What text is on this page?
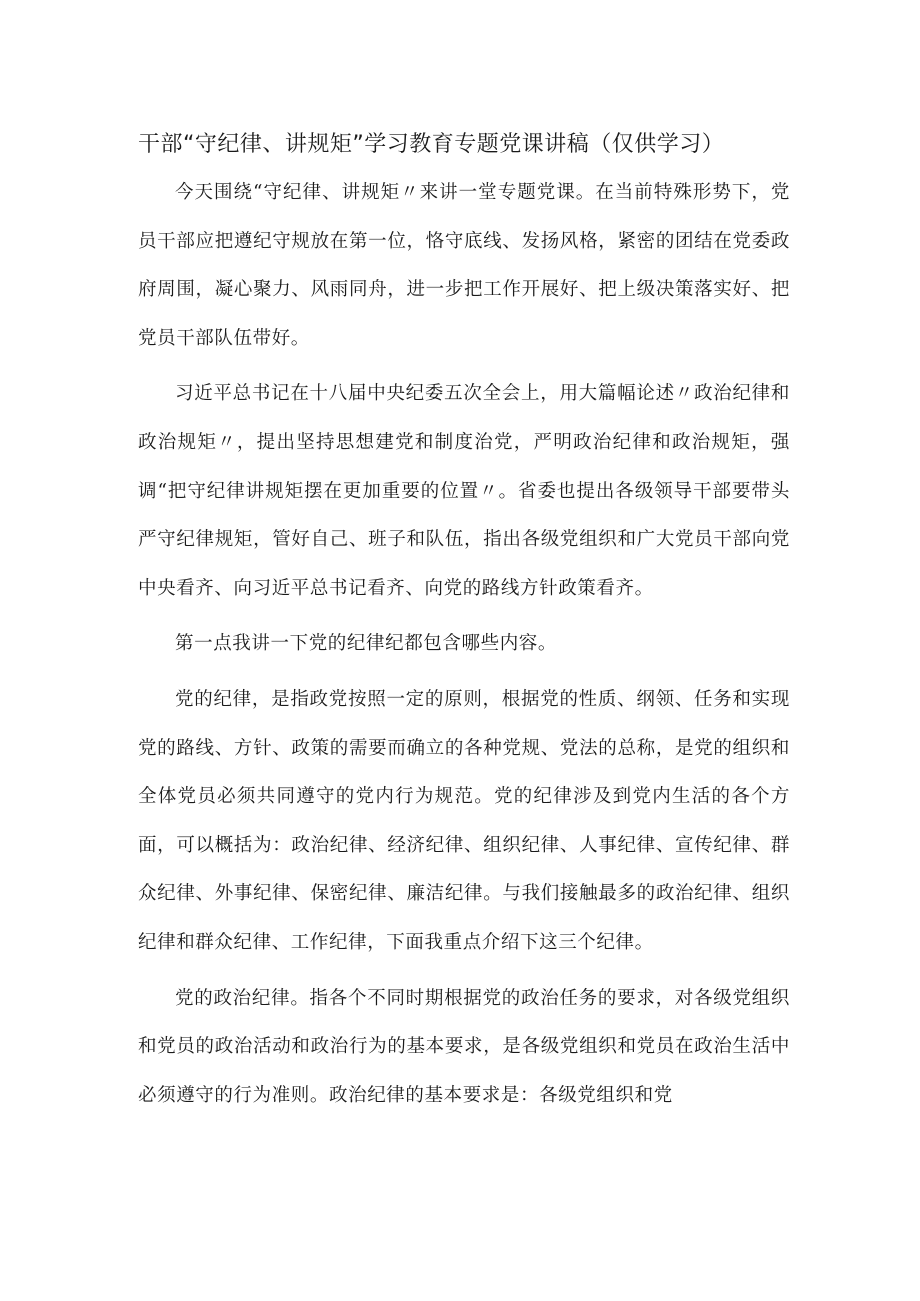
干部“守纪律、讲规矩”学习教育专题党课讲稿（仅供学习）

今天围绕“守纪律、讲规矩〃来讲一堂专题党课。在当前特殊形势下，党员干部应把遵纪守规放在第一位，恪守底线、发扬风格，紧密的团结在党委政府周围，凝心聚力、风雨同舟，进一步把工作开展好、把上级决策落实好、把党员干部队伍带好。

习近平总书记在十八届中央纪委五次全会上，用大篇幅论述〃政治纪律和政治规矩〃，提出坚持思想建党和制度治党，严明政治纪律和政治规矩，强调“把守纪律讲规矩摆在更加重要的位置〃。省委也提出各级领导干部要带头严守纪律规矩，管好自己、班子和队伍，指出各级党组织和广大党员干部向党中央看齐、向习近平总书记看齐、向党的路线方针政策看齐。

第一点我讲一下党的纪律纪都包含哪些内容。

党的纪律，是指政党按照一定的原则，根据党的性质、纲领、任务和实现党的路线、方针、政策的需要而确立的各种党规、党法的总称，是党的组织和全体党员必须共同遵守的党内行为规范。党的纪律涉及到党内生活的各个方面，可以概括为：政治纪律、经济纪律、组织纪律、人事纪律、宣传纪律、群众纪律、外事纪律、保密纪律、廉洁纪律。与我们接触最多的政治纪律、组织纪律和群众纪律、工作纪律，下面我重点介绍下这三个纪律。

党的政治纪律。指各个不同时期根据党的政治任务的要求，对各级党组织和党员的政治活动和政治行为的基本要求，是各级党组织和党员在政治生活中必须遵守的行为准则。政治纪律的基本要求是：各级党组织和党
